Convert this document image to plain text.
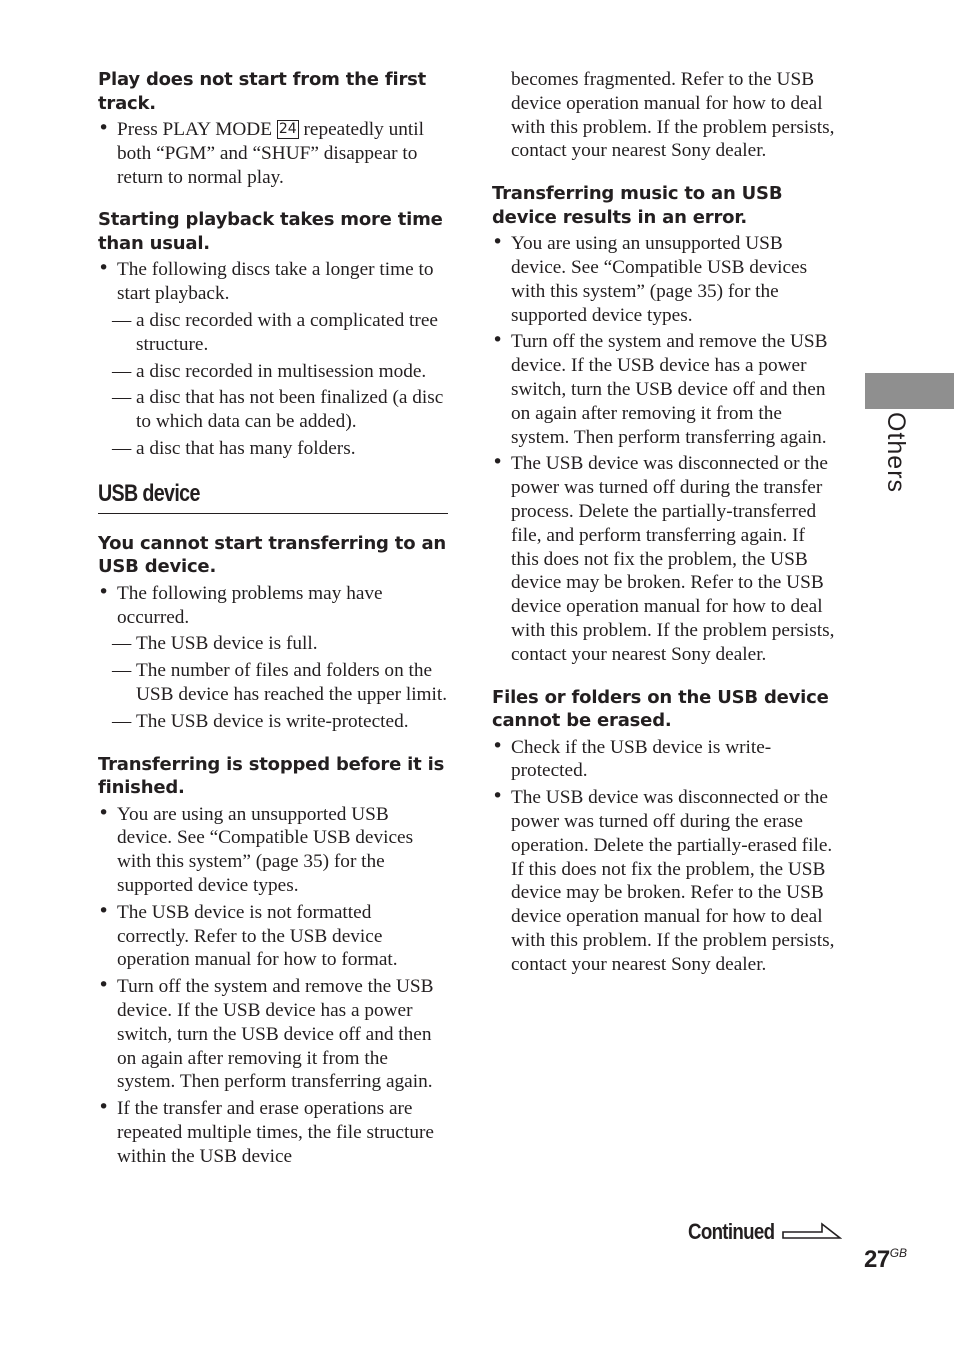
Play does not start from the first track.
• Press PLAY MODE 24 repeatedly until both “PGM” and “SHUF” disappear to return to normal play.
Starting playback takes more time than usual.
• The following discs take a longer time to start playback.
— a disc recorded with a complicated tree structure.
— a disc recorded in multisession mode.
— a disc that has not been finalized (a disc to which data can be added).
— a disc that has many folders.
USB device
You cannot start transferring to an USB device.
• The following problems may have occurred.
— The USB device is full.
— The number of files and folders on the USB device has reached the upper limit.
— The USB device is write-protected.
Transferring is stopped before it is finished.
• You are using an unsupported USB device. See “Compatible USB devices with this system” (page 35) for the supported device types.
• The USB device is not formatted correctly. Refer to the USB device operation manual for how to format.
• Turn off the system and remove the USB device. If the USB device has a power switch, turn the USB device off and then on again after removing it from the system. Then perform transferring again.
• If the transfer and erase operations are repeated multiple times, the file structure within the USB device
becomes fragmented. Refer to the USB device operation manual for how to deal with this problem. If the problem persists, contact your nearest Sony dealer.
Transferring music to an USB device results in an error.
• You are using an unsupported USB device. See “Compatible USB devices with this system” (page 35) for the supported device types.
• Turn off the system and remove the USB device. If the USB device has a power switch, turn the USB device off and then on again after removing it from the system. Then perform transferring again.
• The USB device was disconnected or the power was turned off during the transfer process. Delete the partially-transferred file, and perform transferring again. If this does not fix the problem, the USB device may be broken. Refer to the USB device operation manual for how to deal with this problem. If the problem persists, contact your nearest Sony dealer.
Files or folders on the USB device cannot be erased.
• Check if the USB device is write-protected.
• The USB device was disconnected or the power was turned off during the erase operation. Delete the partially-erased file. If this does not fix the problem, the USB device may be broken. Refer to the USB device operation manual for how to deal with this problem. If the problem persists, contact your nearest Sony dealer.
Others
Continued
$27^{GB}$
